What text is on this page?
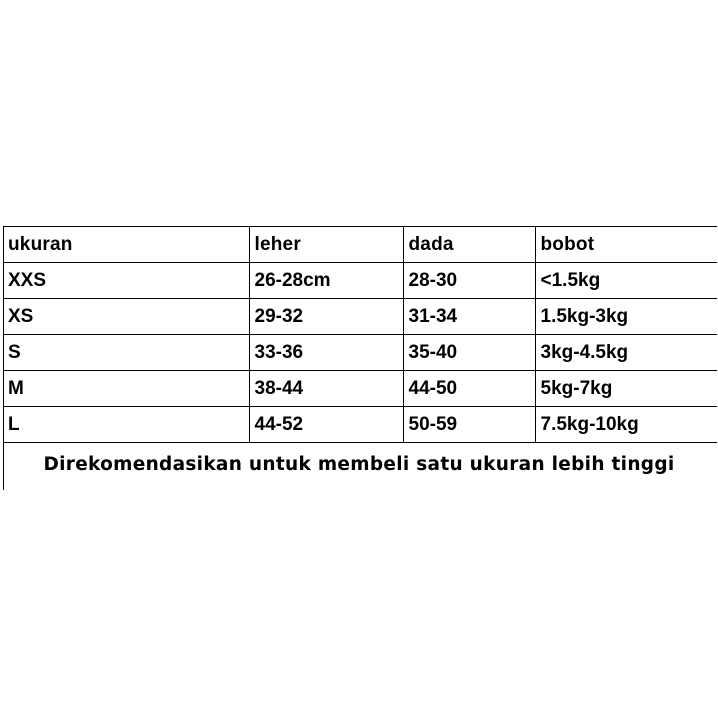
ukuran	leher	dada	bobot
XXS	26-28cm	28-30	<1.5kg
XS	29-32	31-34	1.5kg-3kg
S	33-36	35-40	3kg-4.5kg
M	38-44	44-50	5kg-7kg
L	44-52	50-59	7.5kg-10kg
Direkomendasikan untuk membeli satu ukuran lebih tinggi
